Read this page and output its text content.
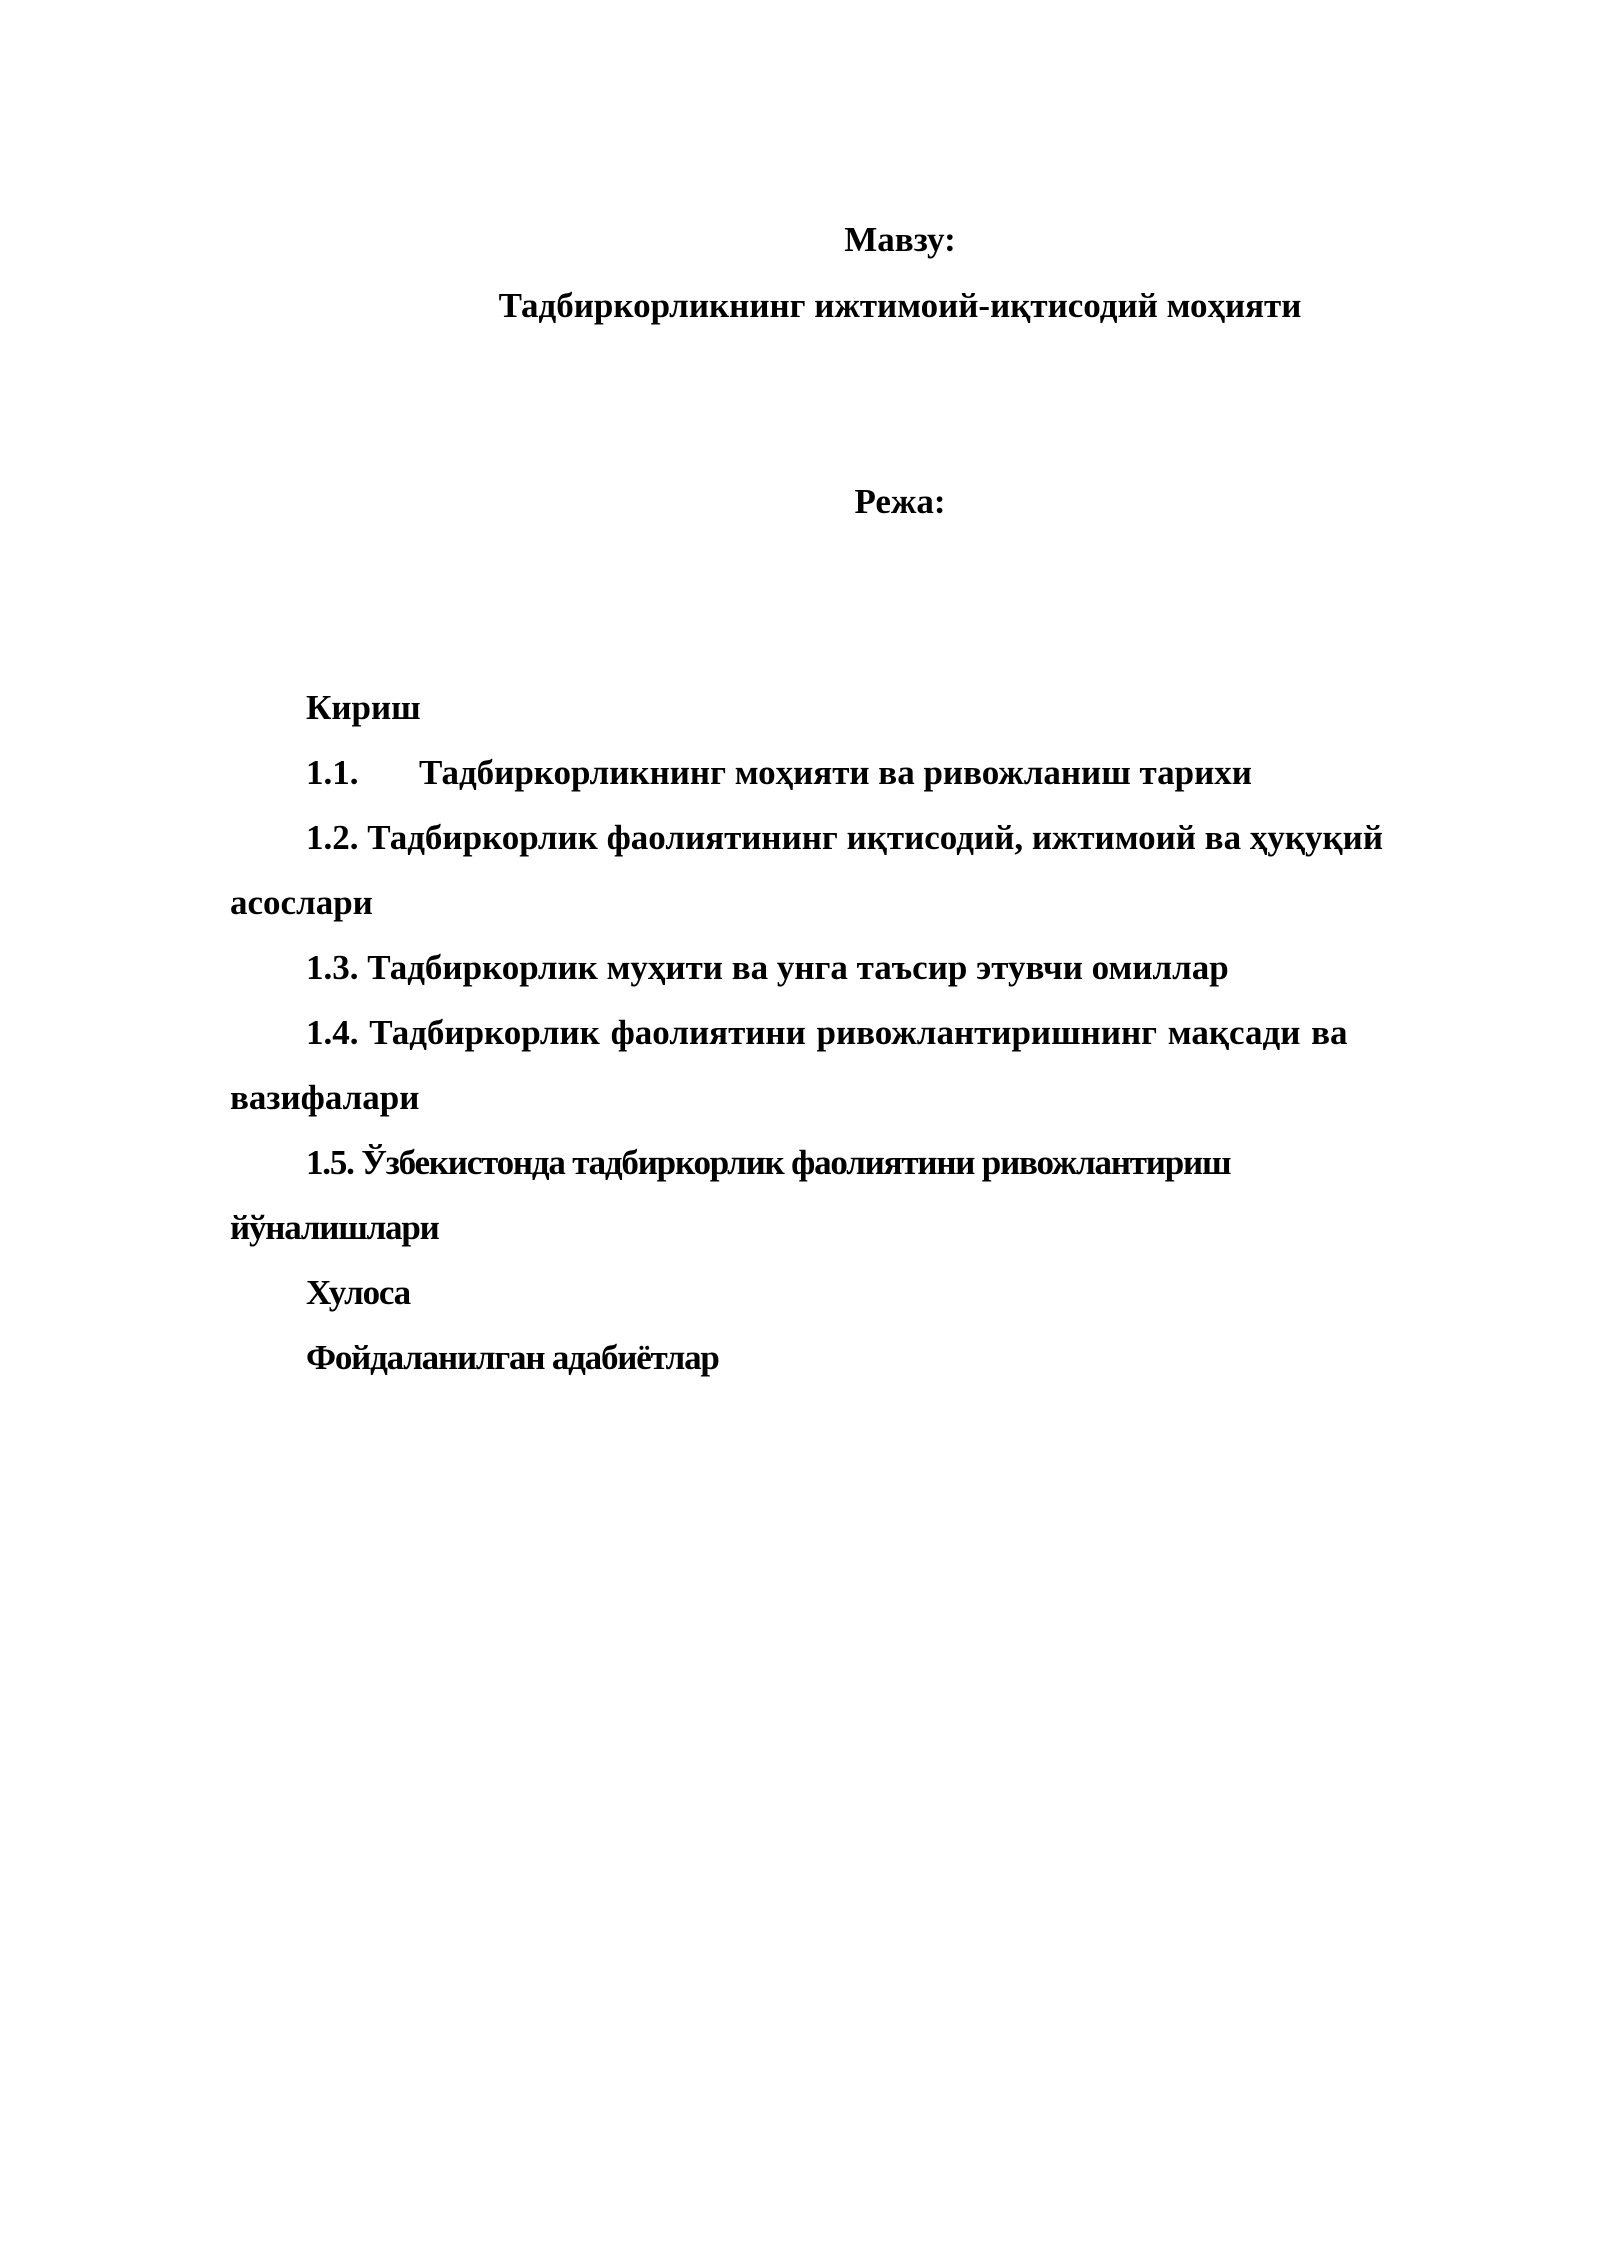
Мавзу:
Тадбиркорликнинг ижтимоий-иқтисодий моҳияти
Режа:
Кириш
1.1. Тадбиркорликнинг моҳияти ва ривожланиш тарихи
1.2. Тадбиркорлик фаолиятининг иқтисодий, ижтимоий ва ҳуқуқий
асослари
1.3. Тадбиркорлик муҳити ва унга таъсир этувчи омиллар
1.4. Тадбиркорлик фаолиятини ривожлантиришнинг мақсади ва
вазифалари
1.5. Ўзбекистонда тадбиркорлик фаолиятини ривожлантириш
йўналишлари
Хулоса
Фойдаланилган адабиётлар
